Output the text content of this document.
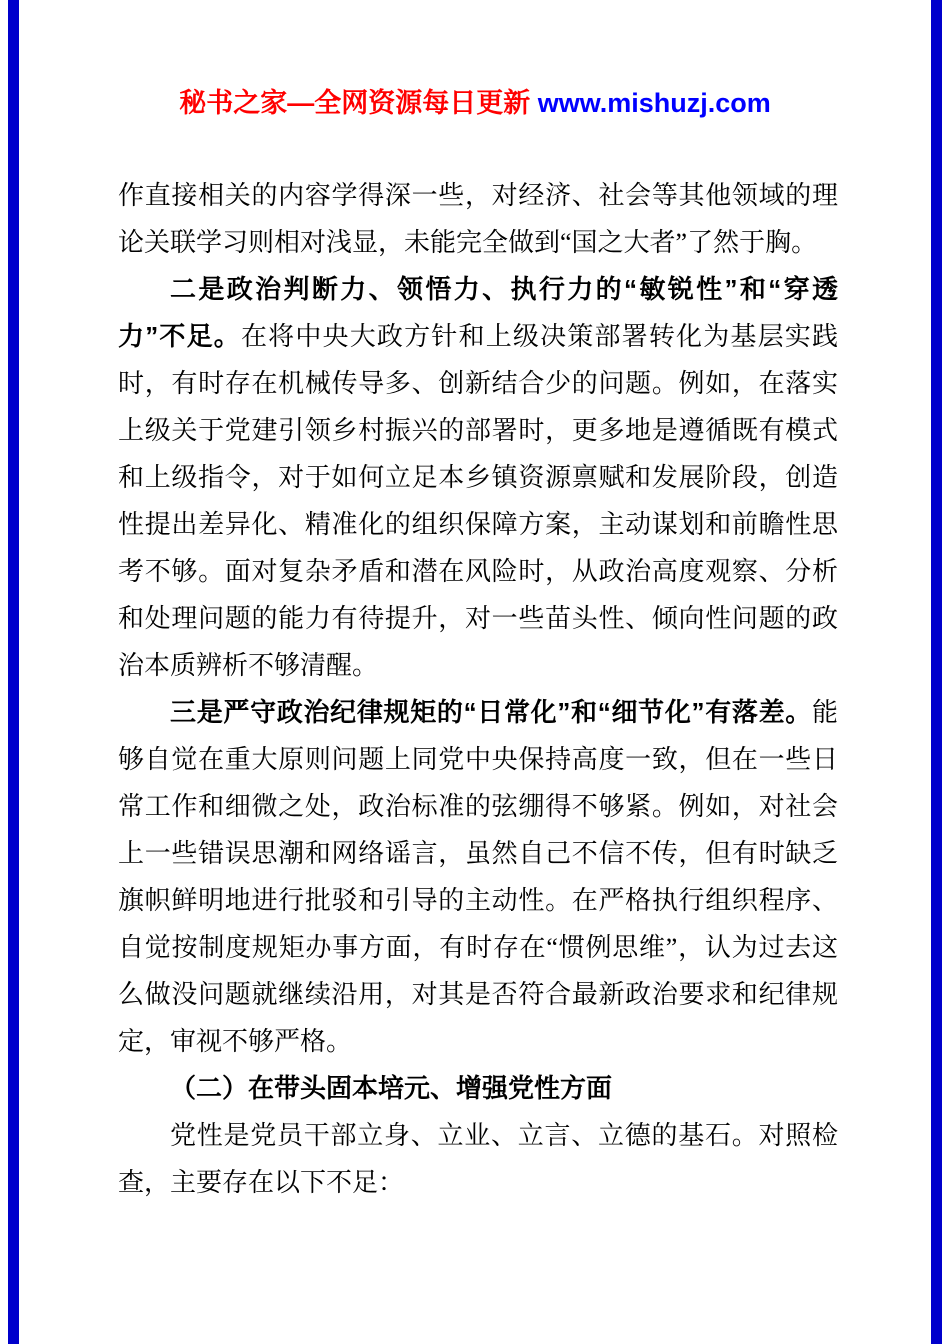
秘书之家—全网资源每日更新 www.mishuzj.com

作直接相关的内容学得深一些，对经济、社会等其他领域的理论关联学习则相对浅显，未能完全做到“国之大者”了然于胸。

二是政治判断力、领悟力、执行力的“敏锐性”和“穿透力”不足。在将中央大政方针和上级决策部署转化为基层实践时，有时存在机械传导多、创新结合少的问题。例如，在落实上级关于党建引领乡村振兴的部署时，更多地是遵循既有模式和上级指令，对于如何立足本乡镇资源禀赋和发展阶段，创造性提出差异化、精准化的组织保障方案，主动谋划和前瞻性思考不够。面对复杂矛盾和潜在风险时，从政治高度观察、分析和处理问题的能力有待提升，对一些苗头性、倾向性问题的政治本质辨析不够清醒。

三是严守政治纪律规矩的“日常化”和“细节化”有落差。能够自觉在重大原则问题上同党中央保持高度一致，但在一些日常工作和细微之处，政治标准的弦绷得不够紧。例如，对社会上一些错误思潮和网络谣言，虽然自己不信不传，但有时缺乏旗帜鲜明地进行批驳和引导的主动性。在严格执行组织程序、自觉按制度规矩办事方面，有时存在“惯例思维”，认为过去这么做没问题就继续沿用，对其是否符合最新政治要求和纪律规定，审视不够严格。

（二）在带头固本培元、增强党性方面

党性是党员干部立身、立业、立言、立德的基石。对照检查，主要存在以下不足：
